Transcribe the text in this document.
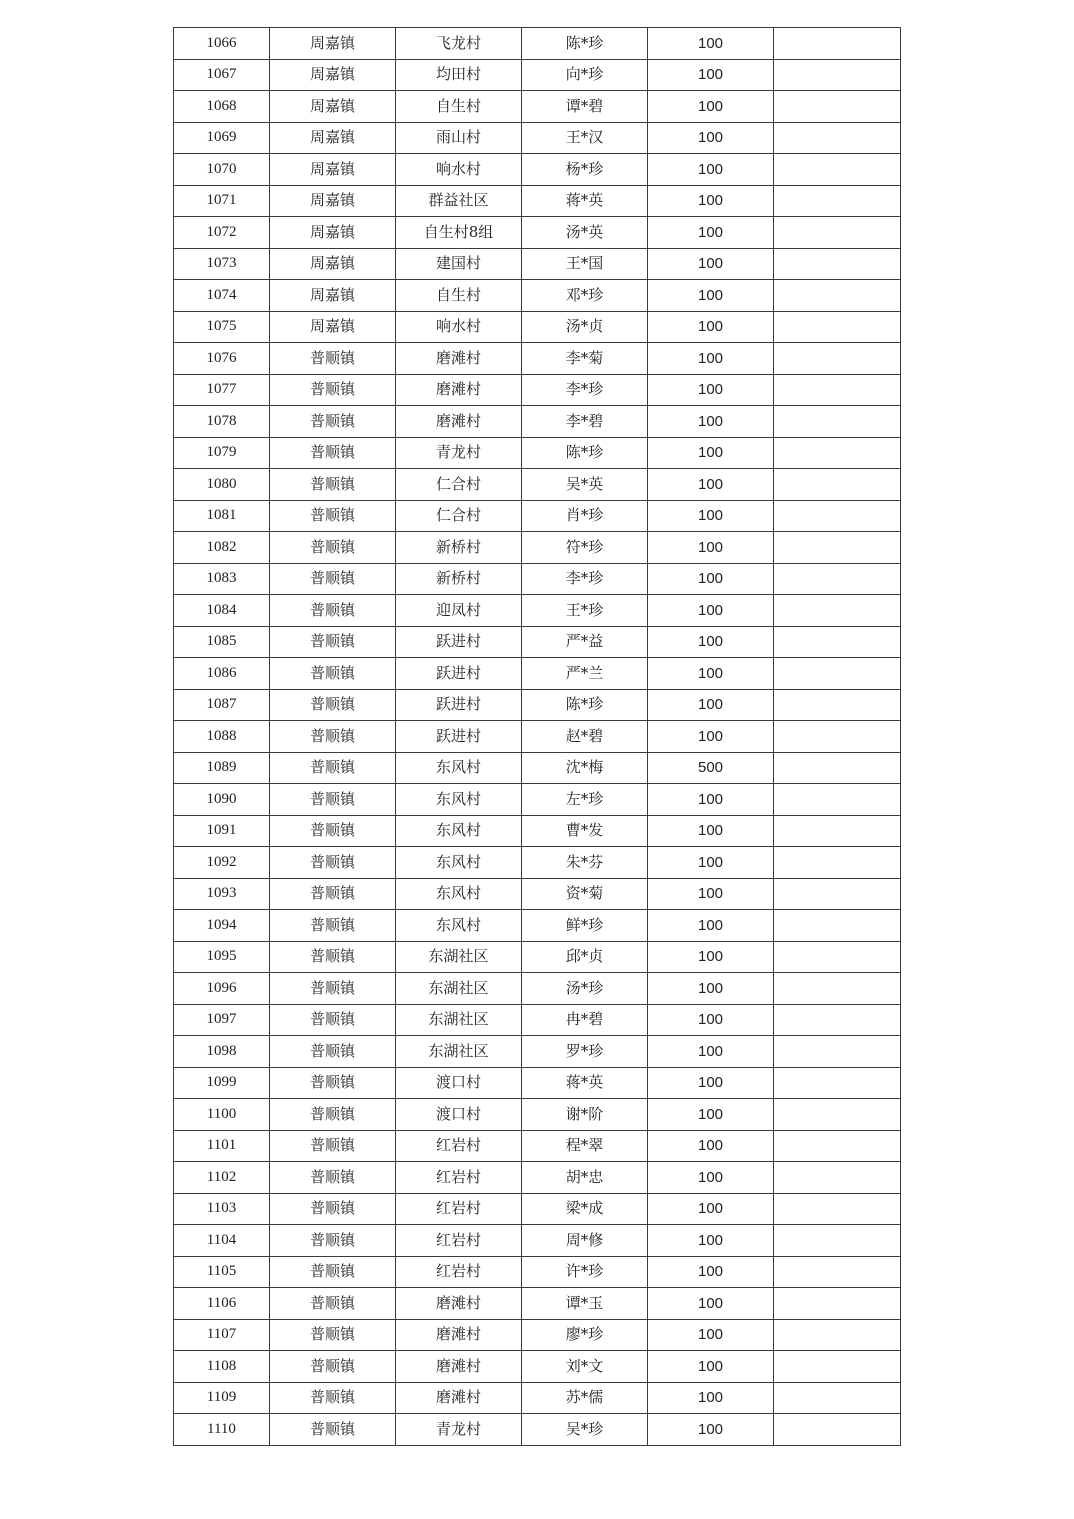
1066	周嘉镇	飞龙村	陈*珍	100	
1067	周嘉镇	均田村	向*珍	100	
1068	周嘉镇	自生村	谭*碧	100	
1069	周嘉镇	雨山村	王*汉	100	
1070	周嘉镇	响水村	杨*珍	100	
1071	周嘉镇	群益社区	蒋*英	100	
1072	周嘉镇	自生村8组	汤*英	100	
1073	周嘉镇	建国村	王*国	100	
1074	周嘉镇	自生村	邓*珍	100	
1075	周嘉镇	响水村	汤*贞	100	
1076	普顺镇	磨滩村	李*菊	100	
1077	普顺镇	磨滩村	李*珍	100	
1078	普顺镇	磨滩村	李*碧	100	
1079	普顺镇	青龙村	陈*珍	100	
1080	普顺镇	仁合村	吴*英	100	
1081	普顺镇	仁合村	肖*珍	100	
1082	普顺镇	新桥村	符*珍	100	
1083	普顺镇	新桥村	李*珍	100	
1084	普顺镇	迎凤村	王*珍	100	
1085	普顺镇	跃进村	严*益	100	
1086	普顺镇	跃进村	严*兰	100	
1087	普顺镇	跃进村	陈*珍	100	
1088	普顺镇	跃进村	赵*碧	100	
1089	普顺镇	东风村	沈*梅	500	
1090	普顺镇	东风村	左*珍	100	
1091	普顺镇	东风村	曹*发	100	
1092	普顺镇	东风村	朱*芬	100	
1093	普顺镇	东风村	资*菊	100	
1094	普顺镇	东风村	鲜*珍	100	
1095	普顺镇	东湖社区	邱*贞	100	
1096	普顺镇	东湖社区	汤*珍	100	
1097	普顺镇	东湖社区	冉*碧	100	
1098	普顺镇	东湖社区	罗*珍	100	
1099	普顺镇	渡口村	蒋*英	100	
1100	普顺镇	渡口村	谢*阶	100	
1101	普顺镇	红岩村	程*翠	100	
1102	普顺镇	红岩村	胡*忠	100	
1103	普顺镇	红岩村	梁*成	100	
1104	普顺镇	红岩村	周*修	100	
1105	普顺镇	红岩村	许*珍	100	
1106	普顺镇	磨滩村	谭*玉	100	
1107	普顺镇	磨滩村	廖*珍	100	
1108	普顺镇	磨滩村	刘*文	100	
1109	普顺镇	磨滩村	苏*儒	100	
1110	普顺镇	青龙村	吴*珍	100	
